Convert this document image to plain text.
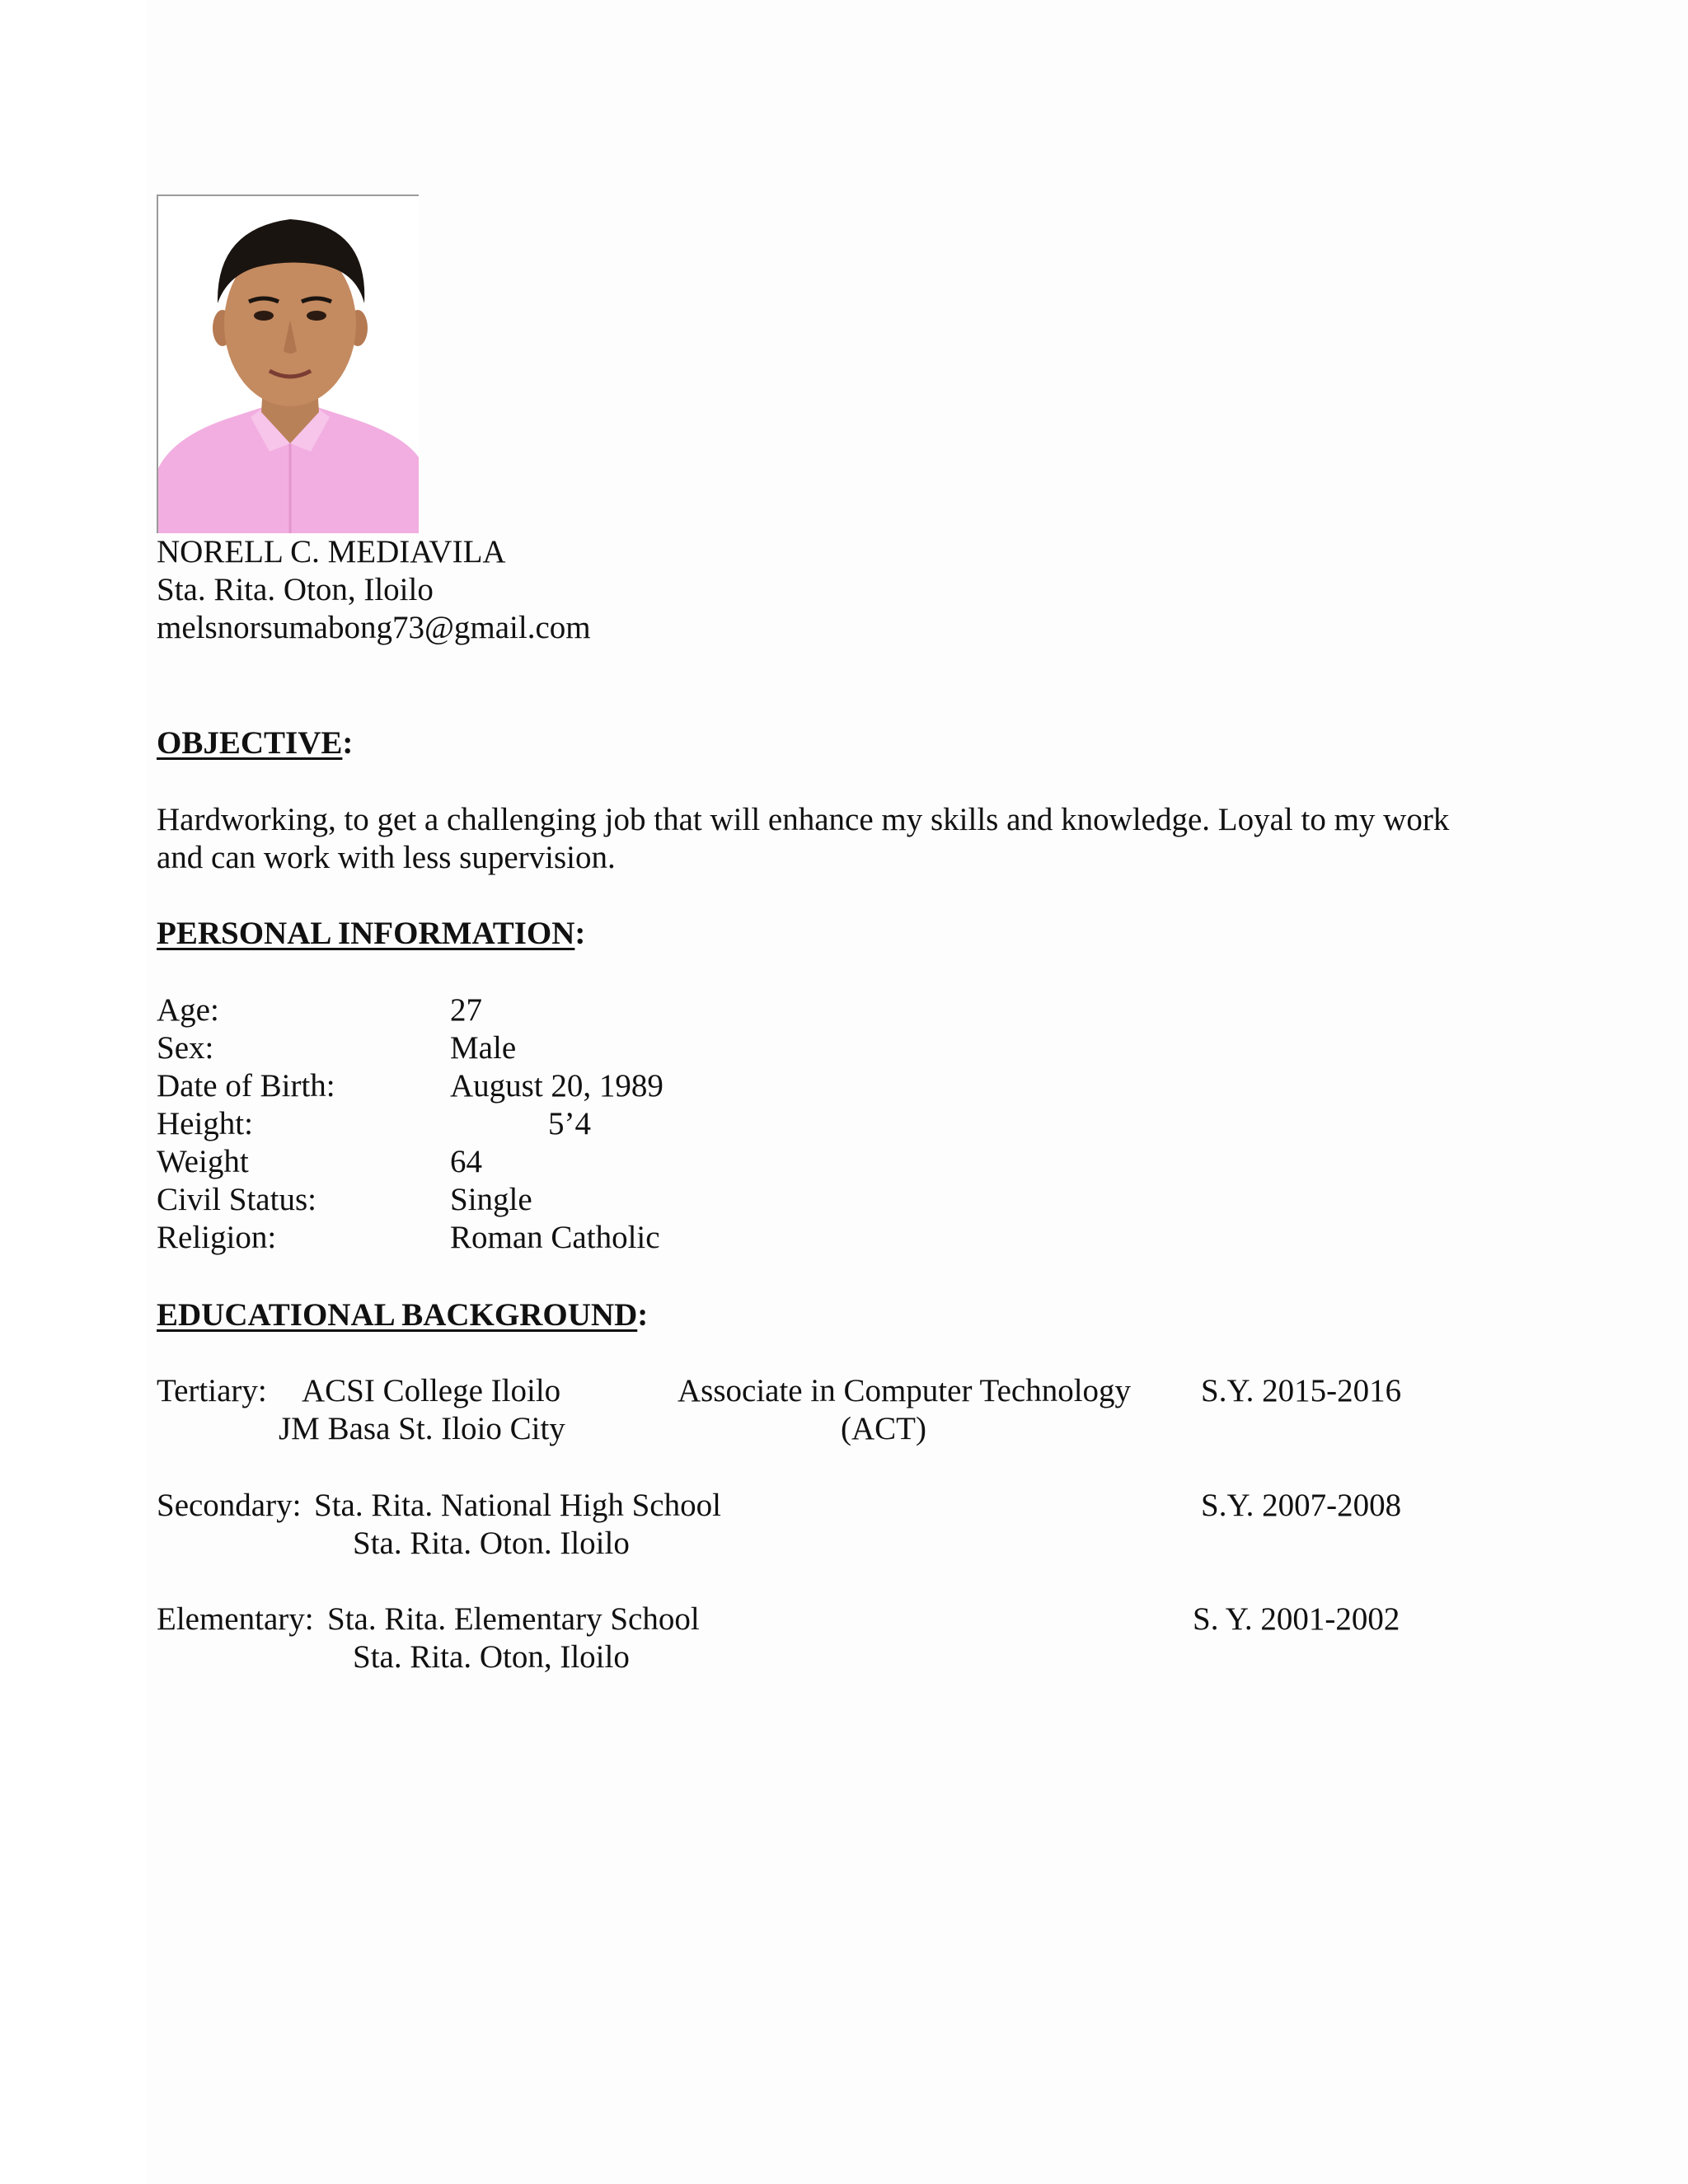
NORELL C. MEDIAVILA
Sta. Rita. Oton, Iloilo
melsnorsumabong73@gmail.com
OBJECTIVE:
Hardworking, to get a challenging job that will enhance my skills and knowledge. Loyal to my work
and can work with less supervision.
PERSONAL INFORMATION:
Age:	27
Sex:	Male
Date of Birth:	August 20, 1989
Height:	5’4
Weight	64
Civil Status:	Single
Religion:	Roman Catholic
EDUCATIONAL BACKGROUND:
Tertiary: ACSI College Iloilo	Associate in Computer Technology S.Y. 2015-2016
JM Basa St. Iloio City	(ACT)
Secondary: Sta. Rita. National High School	S.Y. 2007-2008
Sta. Rita. Oton. Iloilo
Elementary: Sta. Rita. Elementary School	S. Y. 2001-2002
Sta. Rita. Oton, Iloilo
